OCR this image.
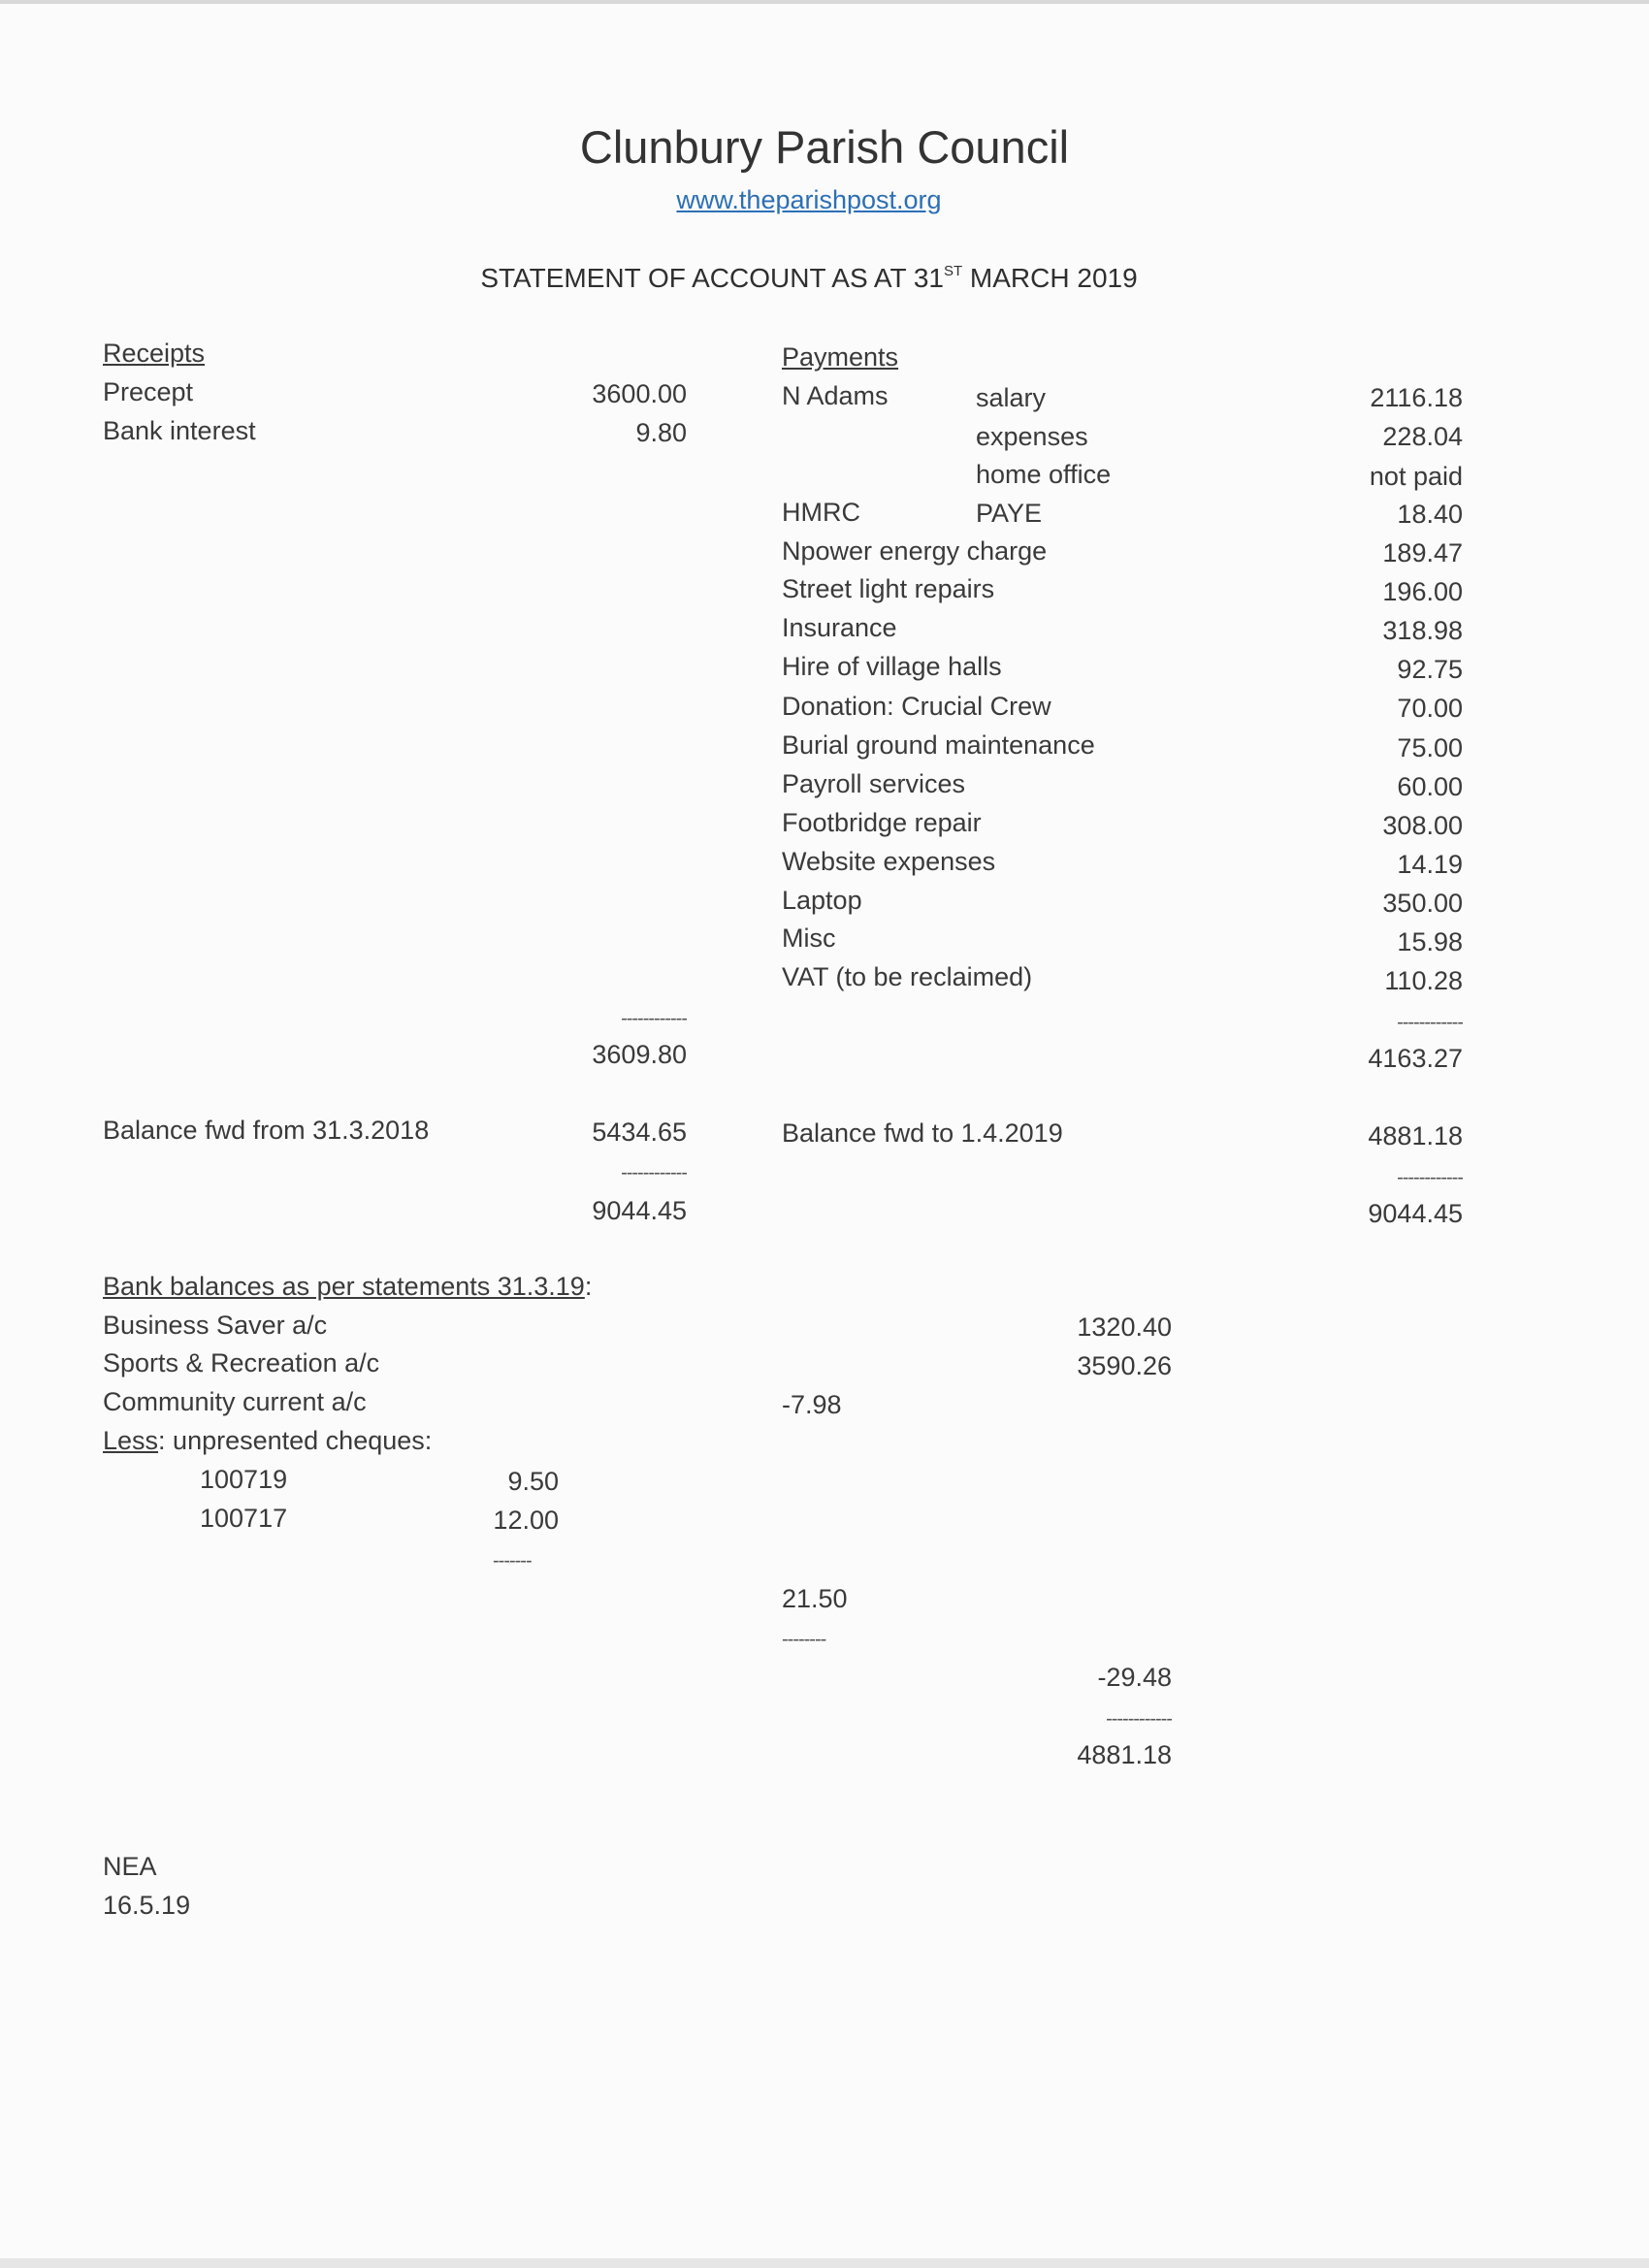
Clunbury Parish Council
www.theparishpost.org
STATEMENT OF ACCOUNT AS AT 31ST MARCH 2019
Receipts
Precept	3600.00
Bank interest	9.80
------------
3609.80
Balance fwd from 31.3.2018	5434.65
------------
9044.45
Payments
N Adams	salary	2116.18
expenses	228.04
home office	not paid
HMRC	PAYE	18.40
Npower energy charge	189.47
Street light repairs	196.00
Insurance	318.98
Hire of village halls	92.75
Donation: Crucial Crew	70.00
Burial ground maintenance	75.00
Payroll services	60.00
Footbridge repair	308.00
Website expenses	14.19
Laptop	350.00
Misc	15.98
VAT (to be reclaimed)	110.28
------------
4163.27
Balance fwd to 1.4.2019	4881.18
------------
9044.45
Bank balances as per statements 31.3.19:
Business Saver a/c	1320.40
Sports & Recreation a/c	3590.26
Community current a/c	-7.98
Less: unpresented cheques:
100719	9.50
100717	12.00
-------
21.50
--------
-29.48
------------
4881.18
NEA
16.5.19
